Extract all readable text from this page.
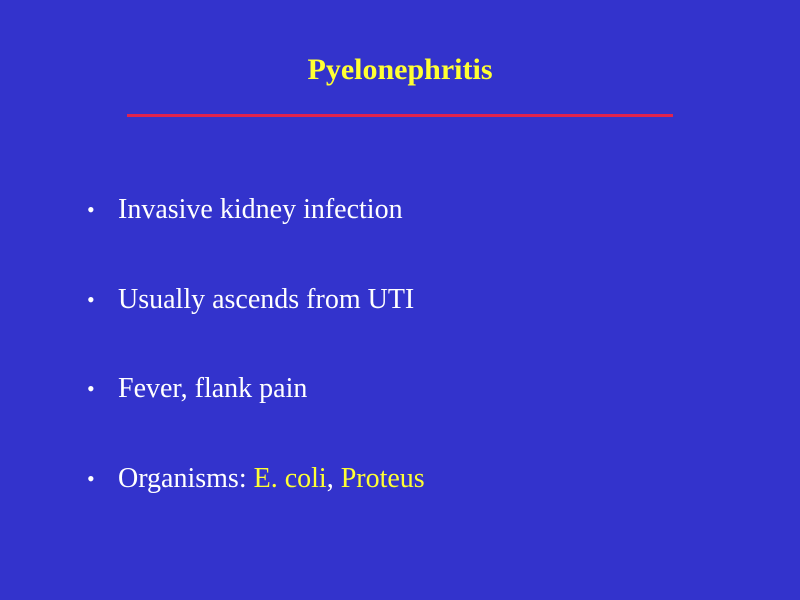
Pyelonephritis
• Invasive kidney infection
• Usually ascends from UTI
• Fever, flank pain
• Organisms: E. coli, Proteus
